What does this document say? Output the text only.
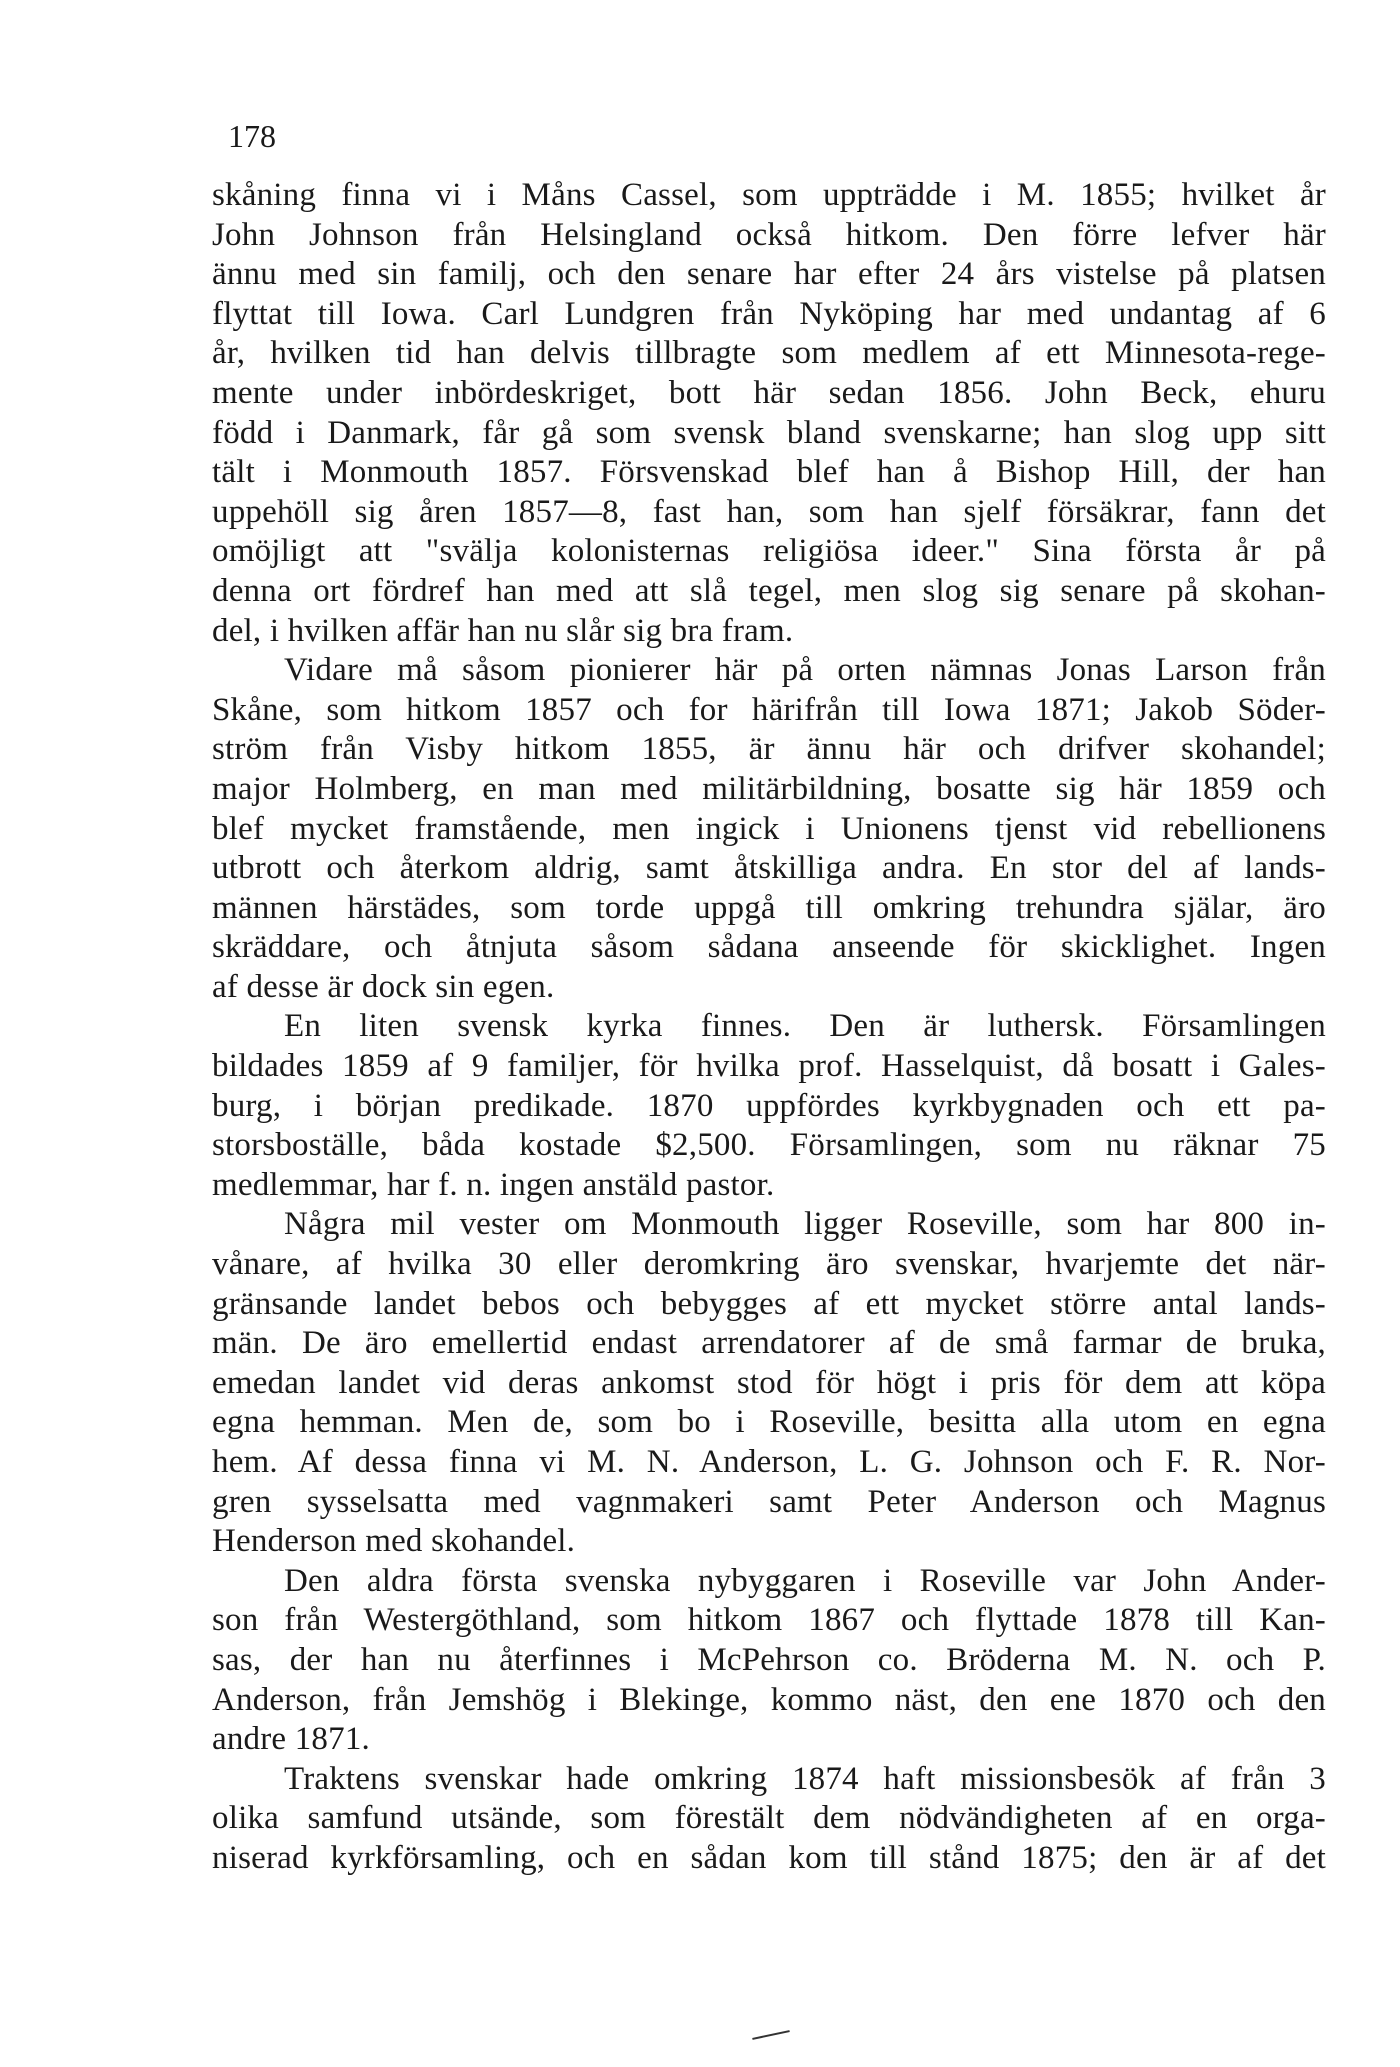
178

skåning finna vi i Måns Cassel, som uppträdde i M. 1855; hvilket år
John Johnson från Helsingland också hitkom. Den förre lefver här
ännu med sin familj, och den senare har efter 24 års vistelse på platsen
flyttat till Iowa. Carl Lundgren från Nyköping har med undantag af 6
år, hvilken tid han delvis tillbragte som medlem af ett Minnesota-rege-
mente under inbördeskriget, bott här sedan 1856. John Beck, ehuru
född i Danmark, får gå som svensk bland svenskarne; han slog upp sitt
tält i Monmouth 1857. Försvenskad blef han å Bishop Hill, der han
uppehöll sig åren 1857—8, fast han, som han sjelf försäkrar, fann det
omöjligt att "svälja kolonisternas religiösa ideer." Sina första år på
denna ort fördref han med att slå tegel, men slog sig senare på skohan-
del, i hvilken affär han nu slår sig bra fram.
Vidare må såsom pionierer här på orten nämnas Jonas Larson från
Skåne, som hitkom 1857 och for härifrån till Iowa 1871; Jakob Söder-
ström från Visby hitkom 1855, är ännu här och drifver skohandel;
major Holmberg, en man med militärbildning, bosatte sig här 1859 och
blef mycket framstående, men ingick i Unionens tjenst vid rebellionens
utbrott och återkom aldrig, samt åtskilliga andra. En stor del af lands-
männen härstädes, som torde uppgå till omkring trehundra själar, äro
skräddare, och åtnjuta såsom sådana anseende för skicklighet. Ingen
af desse är dock sin egen.
En liten svensk kyrka finnes. Den är luthersk. Församlingen
bildades 1859 af 9 familjer, för hvilka prof. Hasselquist, då bosatt i Gales-
burg, i början predikade. 1870 uppfördes kyrkbygnaden och ett pa-
storsboställe, båda kostade $2,500. Församlingen, som nu räknar 75
medlemmar, har f. n. ingen anstäld pastor.
Några mil vester om Monmouth ligger Roseville, som har 800 in-
vånare, af hvilka 30 eller deromkring äro svenskar, hvarjemte det när-
gränsande landet bebos och bebygges af ett mycket större antal lands-
män. De äro emellertid endast arrendatorer af de små farmar de bruka,
emedan landet vid deras ankomst stod för högt i pris för dem att köpa
egna hemman. Men de, som bo i Roseville, besitta alla utom en egna
hem. Af dessa finna vi M. N. Anderson, L. G. Johnson och F. R. Nor-
gren sysselsatta med vagnmakeri samt Peter Anderson och Magnus
Henderson med skohandel.
Den aldra första svenska nybyggaren i Roseville var John Ander-
son från Westergöthland, som hitkom 1867 och flyttade 1878 till Kan-
sas, der han nu återfinnes i McPehrson co. Bröderna M. N. och P.
Anderson, från Jemshög i Blekinge, kommo näst, den ene 1870 och den
andre 1871.
Traktens svenskar hade omkring 1874 haft missionsbesök af från 3
olika samfund utsände, som förestält dem nödvändigheten af en orga-
niserad kyrkförsamling, och en sådan kom till stånd 1875; den är af det
